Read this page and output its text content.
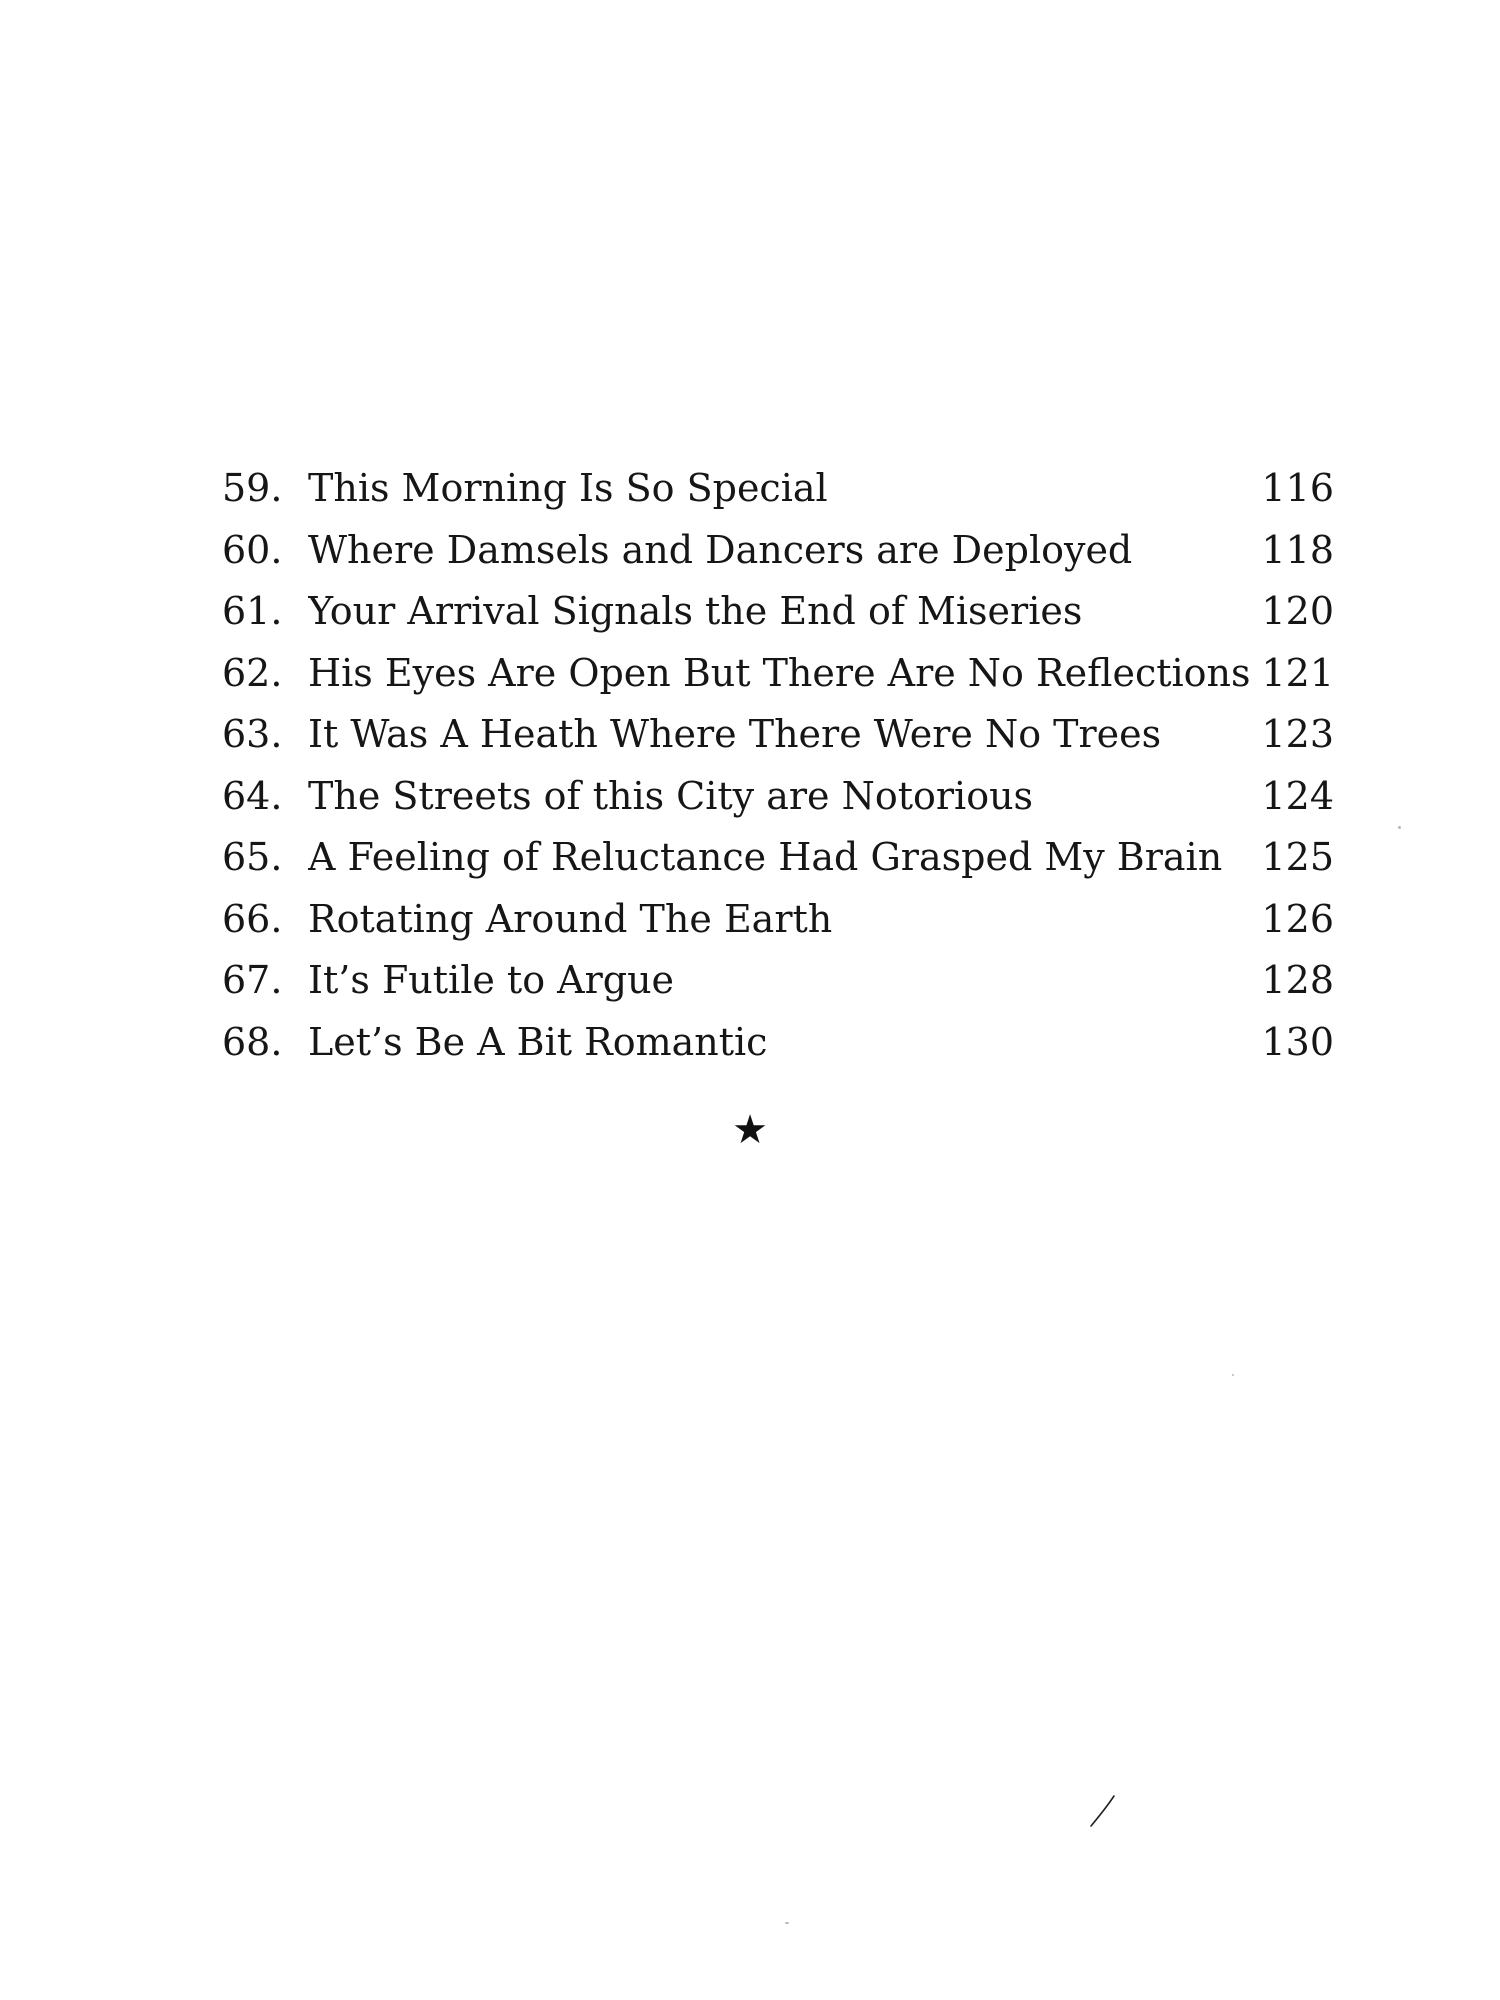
59. This Morning Is So Special	116
60. Where Damsels and Dancers are Deployed	118
61. Your Arrival Signals the End of Miseries	120
62. His Eyes Are Open But There Are No Reflections 121
63. It Was A Heath Where There Were No Trees	123
64. The Streets of this City are Notorious	124
65. A Feeling of Reluctance Had Grasped My Brain	125
66. Rotating Around The Earth	126
67. It’s Futile to Argue	128
68. Let’s Be A Bit Romantic	130
★
